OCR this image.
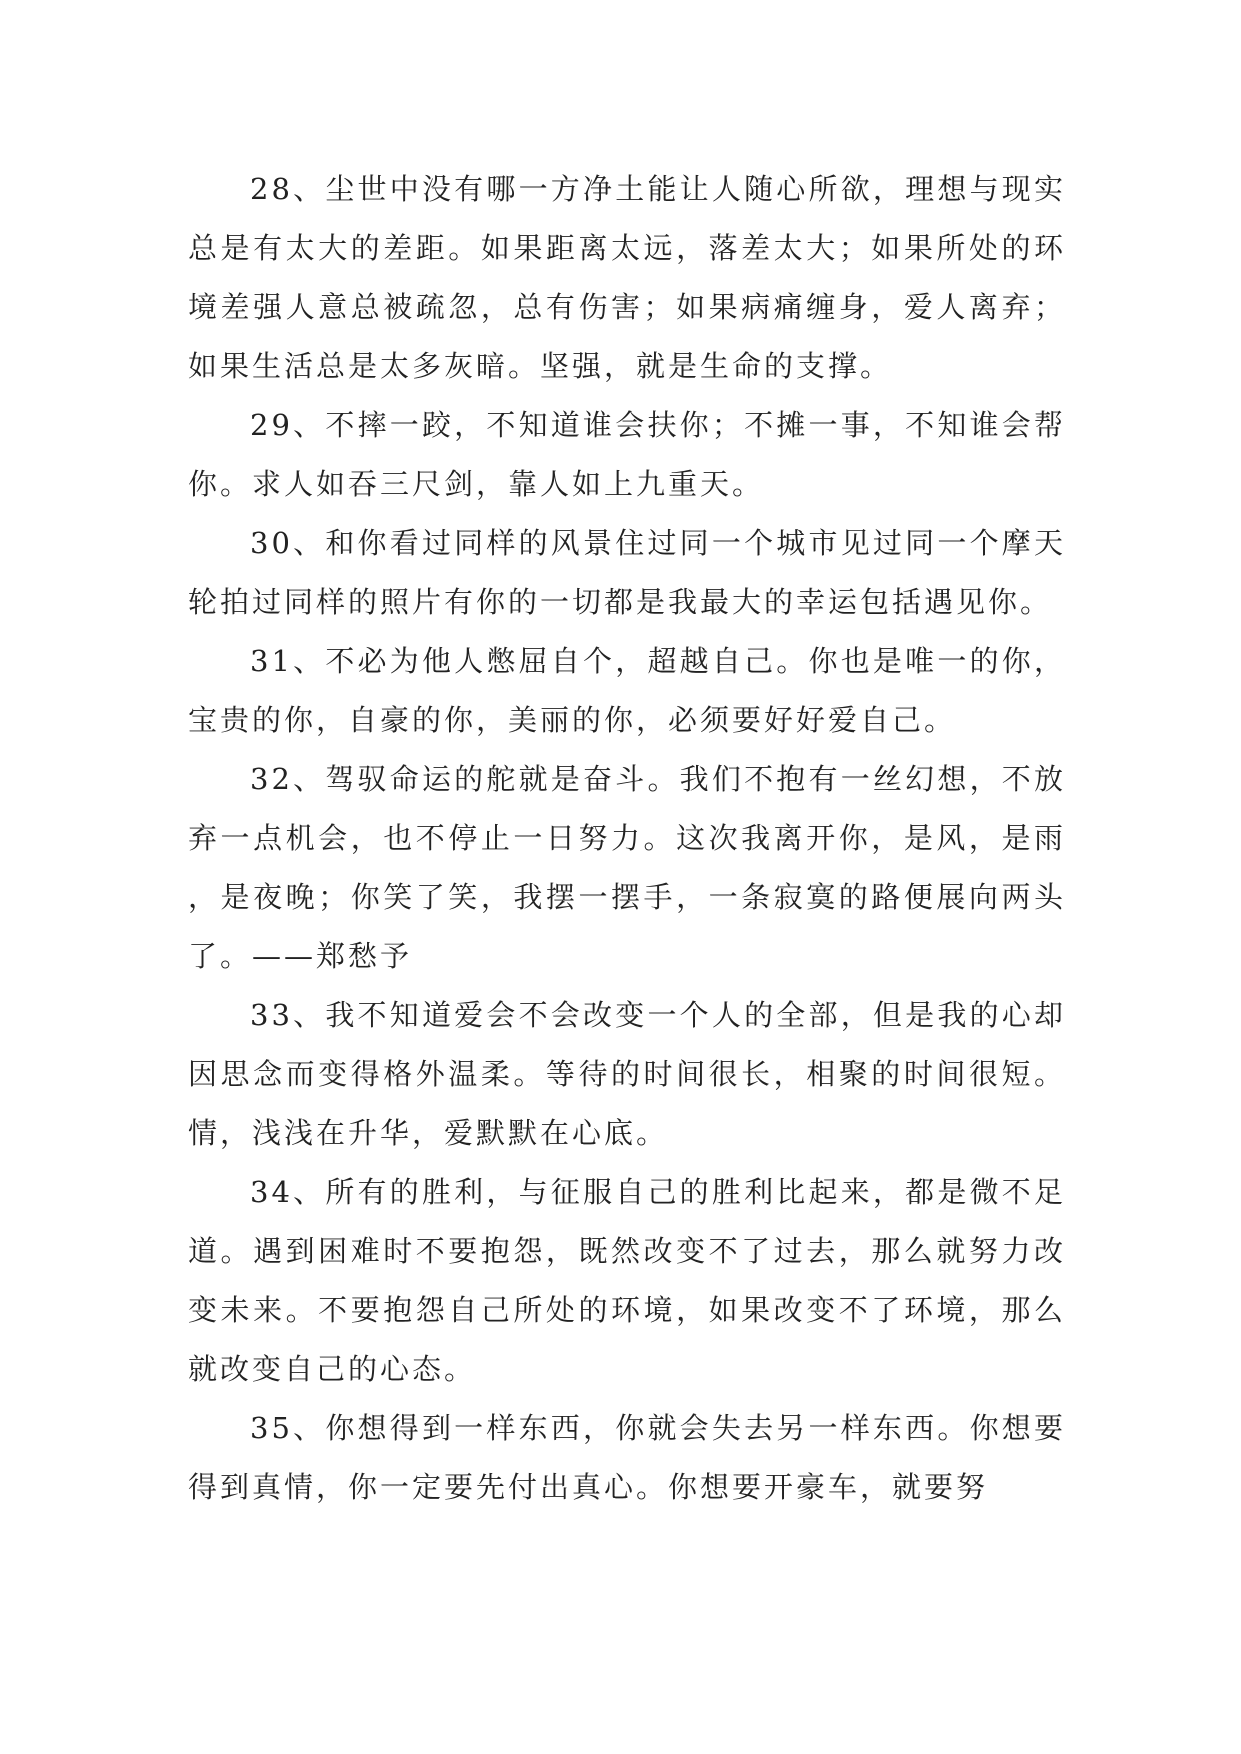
28、尘世中没有哪一方净土能让人随心所欲，理想与现实总是有太大的差距。如果距离太远，落差太大；如果所处的环境差强人意总被疏忽，总有伤害；如果病痛缠身，爱人离弃；如果生活总是太多灰暗。坚强，就是生命的支撑。

29、不摔一跤，不知道谁会扶你；不摊一事，不知谁会帮你。求人如吞三尺剑，靠人如上九重天。

30、和你看过同样的风景住过同一个城市见过同一个摩天轮拍过同样的照片有你的一切都是我最大的幸运包括遇见你。

31、不必为他人憋屈自个，超越自己。你也是唯一的你，宝贵的你，自豪的你，美丽的你，必须要好好爱自己。

32、驾驭命运的舵就是奋斗。我们不抱有一丝幻想，不放弃一点机会，也不停止一日努力。这次我离开你，是风，是雨，是夜晚；你笑了笑，我摆一摆手，一条寂寞的路便展向两头了。——郑愁予

33、我不知道爱会不会改变一个人的全部，但是我的心却因思念而变得格外温柔。等待的时间很长，相聚的时间很短。情，浅浅在升华，爱默默在心底。

34、所有的胜利，与征服自己的胜利比起来，都是微不足道。遇到困难时不要抱怨，既然改变不了过去，那么就努力改变未来。不要抱怨自己所处的环境，如果改变不了环境，那么就改变自己的心态。

35、你想得到一样东西，你就会失去另一样东西。你想要得到真情，你一定要先付出真心。你想要开豪车，就要努
